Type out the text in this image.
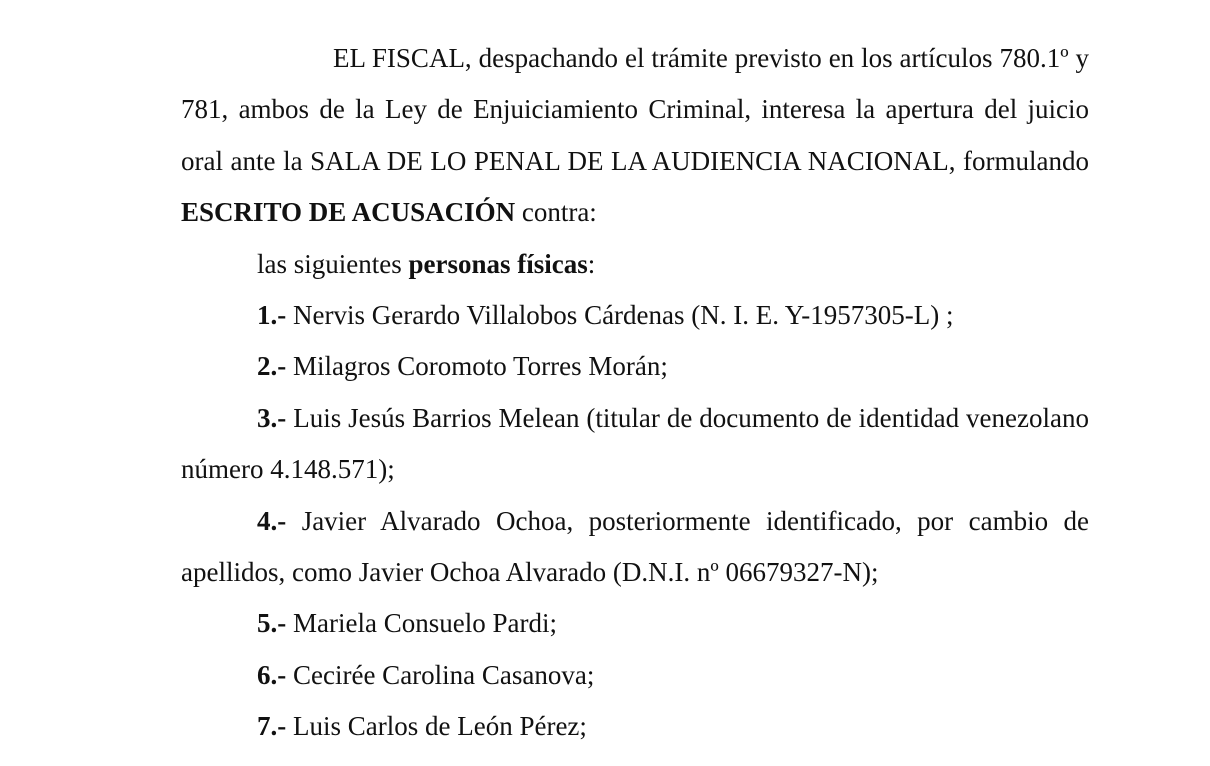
EL FISCAL, despachando el trámite previsto en los artículos 780.1º y 781, ambos de la Ley de Enjuiciamiento Criminal, interesa la apertura del juicio oral ante la SALA DE LO PENAL DE LA AUDIENCIA NACIONAL, formulando ESCRITO DE ACUSACIÓN contra:

las siguientes personas físicas:

1.- Nervis Gerardo Villalobos Cárdenas (N. I. E. Y-1957305-L) ;

2.- Milagros Coromoto Torres Morán;

3.- Luis Jesús Barrios Melean (titular de documento de identidad venezolano número 4.148.571);

4.- Javier Alvarado Ochoa, posteriormente identificado, por cambio de apellidos, como Javier Ochoa Alvarado (D.N.I. nº 06679327-N);

5.- Mariela Consuelo Pardi;

6.- Cecirée Carolina Casanova;

7.- Luis Carlos de León Pérez;
